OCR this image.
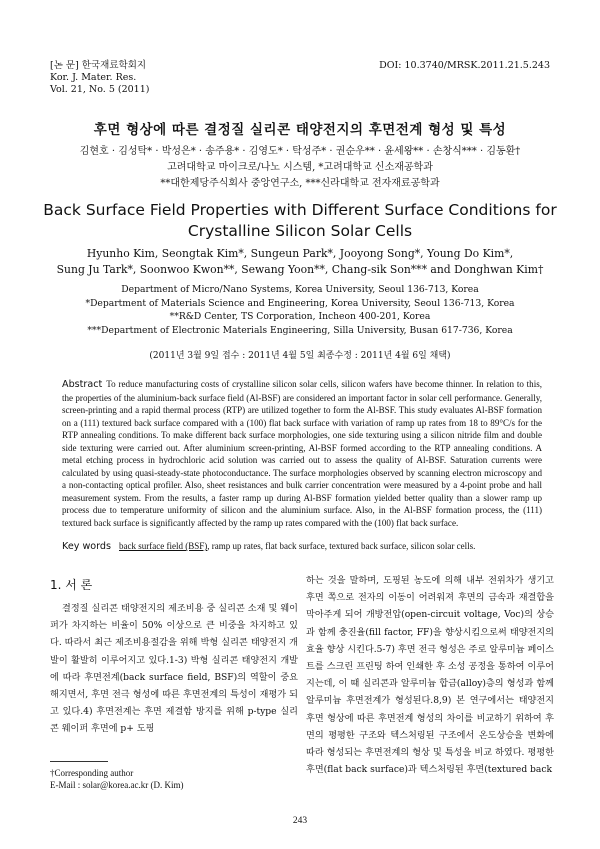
[논 문] 한국재료학회지
Kor. J. Mater. Res.
Vol. 21, No. 5 (2011)
DOI: 10.3740/MRSK.2011.21.5.243
후면 형상에 따른 결정질 실리콘 태양전지의 후면전계 형성 및 특성
김현호 · 김성탁* · 박성은* · 송주용* · 김영도* · 탁성주* · 권순우** · 윤세왕** · 손창식*** · 김동환†
고려대학교 마이크로/나노 시스템, *고려대학교 신소재공학과
**대한제당주식회사 중앙연구소, ***신라대학교 전자재료공학과
Back Surface Field Properties with Different Surface Conditions for
Crystalline Silicon Solar Cells
Hyunho Kim, Seongtak Kim*, Sungeun Park*, Jooyong Song*, Young Do Kim*,
Sung Ju Tark*, Soonwoo Kwon**, Sewang Yoon**, Chang-sik Son*** and Donghwan Kim†
Department of Micro/Nano Systems, Korea University, Seoul 136-713, Korea
*Department of Materials Science and Engineering, Korea University, Seoul 136-713, Korea
**R&D Center, TS Corporation, Incheon 400-201, Korea
***Department of Electronic Materials Engineering, Silla University, Busan 617-736, Korea
(2011년 3월 9일 접수 : 2011년 4월 5일 최종수정 : 2011년 4월 6일 채택)
Abstract To reduce manufacturing costs of crystalline silicon solar cells, silicon wafers have become thinner. In relation to this, the properties of the aluminium-back surface field (Al-BSF) are considered an important factor in solar cell performance. Generally, screen-printing and a rapid thermal process (RTP) are utilized together to form the Al-BSF. This study evaluates Al-BSF formation on a (111) textured back surface compared with a (100) flat back surface with variation of ramp up rates from 18 to 89°C/s for the RTP annealing conditions. To make different back surface morphologies, one side texturing using a silicon nitride film and double side texturing were carried out. After aluminium screen-printing, Al-BSF formed according to the RTP annealing conditions. A metal etching process in hydrochloric acid solution was carried out to assess the quality of Al-BSF. Saturation currents were calculated by using quasi-steady-state photoconductance. The surface morphologies observed by scanning electron microscopy and a non-contacting optical profiler. Also, sheet resistances and bulk carrier concentration were measured by a 4-point probe and hall measurement system. From the results, a faster ramp up during Al-BSF formation yielded better quality than a slower ramp up process due to temperature uniformity of silicon and the aluminium surface. Also, in the Al-BSF formation process, the (111) textured back surface is significantly affected by the ramp up rates compared with the (100) flat back surface.
Key words back surface field (BSF), ramp up rates, flat back surface, textured back surface, silicon solar cells.
1. 서 론
결정질 실리콘 태양전지의 제조비용 중 실리콘 소재 및 웨이퍼가 차지하는 비율이 50% 이상으로 큰 비중을 차지하고 있다. 따라서 최근 제조비용절감을 위해 박형 실리콘 태양전지 개발이 활발히 이루어지고 있다.1-3) 박형 실리콘 태양전지 개발에 따라 후면전계(back surface field, BSF)의 역할이 중요해지면서, 후면 전극 형성에 따른 후면전계의 특성이 재평가 되고 있다.4) 후면전계는 후면 제결함 방지를 위해 p-type 실리콘 웨이퍼 후면에 p+ 도핑
하는 것을 말하며, 도핑된 농도에 의해 내부 전위차가 생기고 후면 쪽으로 전자의 이동이 어려워져 후면의 금속과 재결합을 막아주게 되어 개방전압(open-circuit voltage, Voc)의 상승과 함께 충진율(fill factor, FF)을 향상시킴으로써 태양전지의 효율 향상 시킨다.5-7) 후면 전극 형성은 주로 알루미늄 페이스트를 스크린 프린팅 하여 인쇄한 후 소성 공정을 통하여 이루어지는데, 이 때 실리콘과 알루미늄 합금(alloy)층의 형성과 함께 알루미늄 후면전계가 형성된다.8,9) 본 연구에서는 태양전지 후면 형상에 따른 후면전계 형성의 차이를 비교하기 위하여 후면의 평평한 구조와 텍스처링된 구조에서 온도상승을 변화에 따라 형성되는 후면전계의 형상 및 특성을 비교 하였다. 평평한 후면(flat back surface)과 텍스처링된 후면(textured back
†Corresponding author
E-Mail : solar@korea.ac.kr (D. Kim)
243
